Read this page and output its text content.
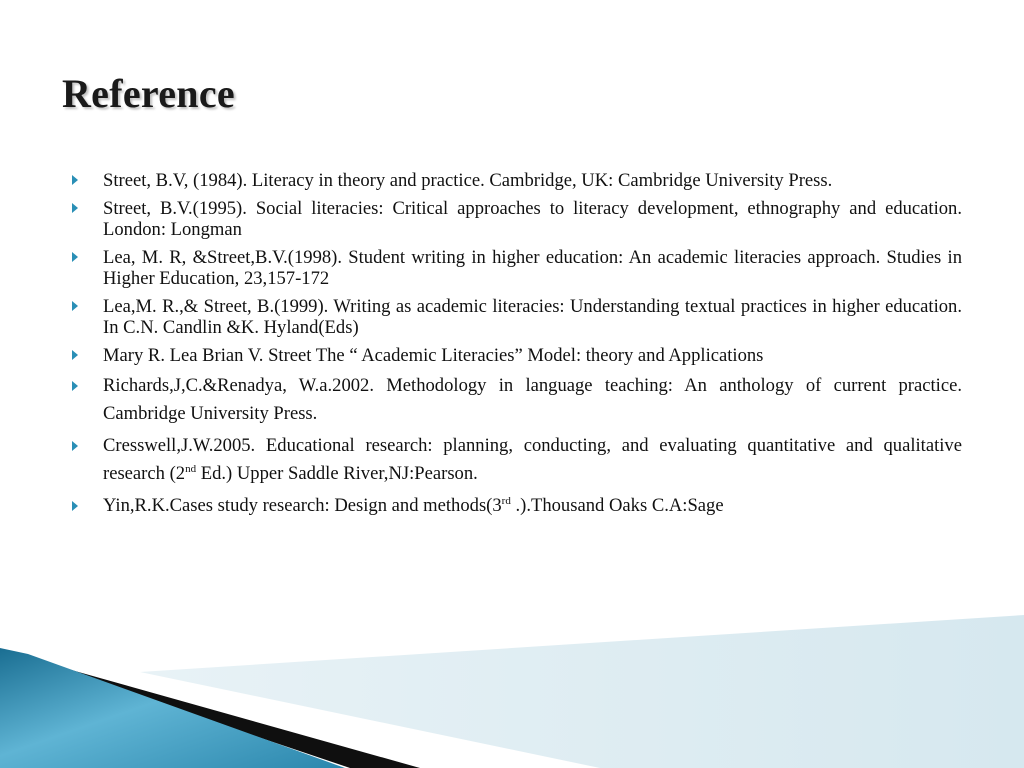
Reference
Street, B.V, (1984). Literacy in theory and practice. Cambridge, UK: Cambridge University Press.
Street, B.V.(1995). Social literacies: Critical approaches to literacy development, ethnography and education. London: Longman
Lea, M. R, &Street,B.V.(1998). Student writing in higher education: An academic literacies approach. Studies in Higher Education, 23,157-172
Lea,M. R.,& Street, B.(1999). Writing as academic literacies: Understanding textual practices in higher education. In C.N. Candlin &K. Hyland(Eds)
Mary R. Lea Brian V. Street The “ Academic Literacies” Model: theory and Applications
Richards,J,C.&Renadya, W.a.2002. Methodology in language teaching: An anthology of current practice. Cambridge University Press.
Cresswell,J.W.2005. Educational research: planning, conducting, and evaluating quantitative and qualitative research (2nd Ed.) Upper Saddle River,NJ:Pearson.
Yin,R.K.Cases study research: Design and methods(3rd .).Thousand Oaks C.A:Sage
